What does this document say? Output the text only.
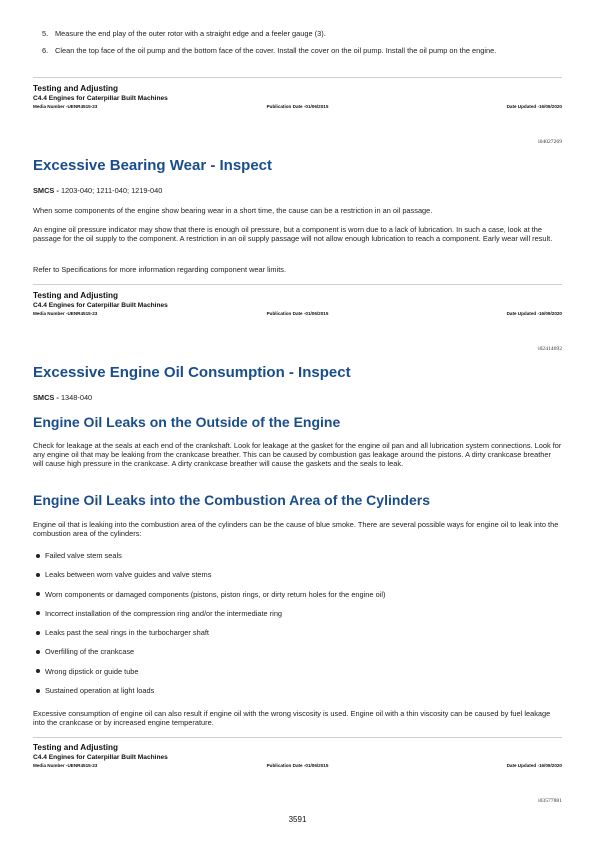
5. Measure the end play of the outer rotor with a straight edge and a feeler gauge (3).
6. Clean the top face of the oil pump and the bottom face of the cover. Install the cover on the oil pump. Install the oil pump on the engine.
Testing and Adjusting
C4.4 Engines for Caterpillar Built Machines
Media Number -UENR4515-23	Publication Date -01/06/2015	Date Updated -16/09/2020
i04027269
Excessive Bearing Wear - Inspect

SMCS - 1203-040; 1211-040; 1219-040

When some components of the engine show bearing wear in a short time, the cause can be a restriction in an oil passage.

An engine oil pressure indicator may show that there is enough oil pressure, but a component is worn due to a lack of lubrication. In such a case, look at the passage for the oil supply to the component. A restriction in an oil supply passage will not allow enough lubrication to reach a component. Early wear will result.

Refer to Specifications for more information regarding component wear limits.

Testing and Adjusting
C4.4 Engines for Caterpillar Built Machines
Media Number -UENR4515-23	Publication Date -01/06/2015	Date Updated -16/09/2020
i02414692
Excessive Engine Oil Consumption - Inspect

SMCS - 1348-040

Engine Oil Leaks on the Outside of the Engine

Check for leakage at the seals at each end of the crankshaft. Look for leakage at the gasket for the engine oil pan and all lubrication system connections. Look for any engine oil that may be leaking from the crankcase breather. This can be caused by combustion gas leakage around the pistons. A dirty crankcase breather will cause high pressure in the crankcase. A dirty crankcase breather will cause the gaskets and the seals to leak.

Engine Oil Leaks into the Combustion Area of the Cylinders

Engine oil that is leaking into the combustion area of the cylinders can be the cause of blue smoke. There are several possible ways for engine oil to leak into the combustion area of the cylinders:

Failed valve stem seals
Leaks between worn valve guides and valve stems
Worn components or damaged components (pistons, piston rings, or dirty return holes for the engine oil)
Incorrect installation of the compression ring and/or the intermediate ring
Leaks past the seal rings in the turbocharger shaft
Overfilling of the crankcase
Wrong dipstick or guide tube
Sustained operation at light loads

Excessive consumption of engine oil can also result if engine oil with the wrong viscosity is used. Engine oil with a thin viscosity can be caused by fuel leakage into the crankcase or by increased engine temperature.

Testing and Adjusting
C4.4 Engines for Caterpillar Built Machines
Media Number -UENR4515-23	Publication Date -01/06/2015	Date Updated -16/09/2020
i03577881
3591
